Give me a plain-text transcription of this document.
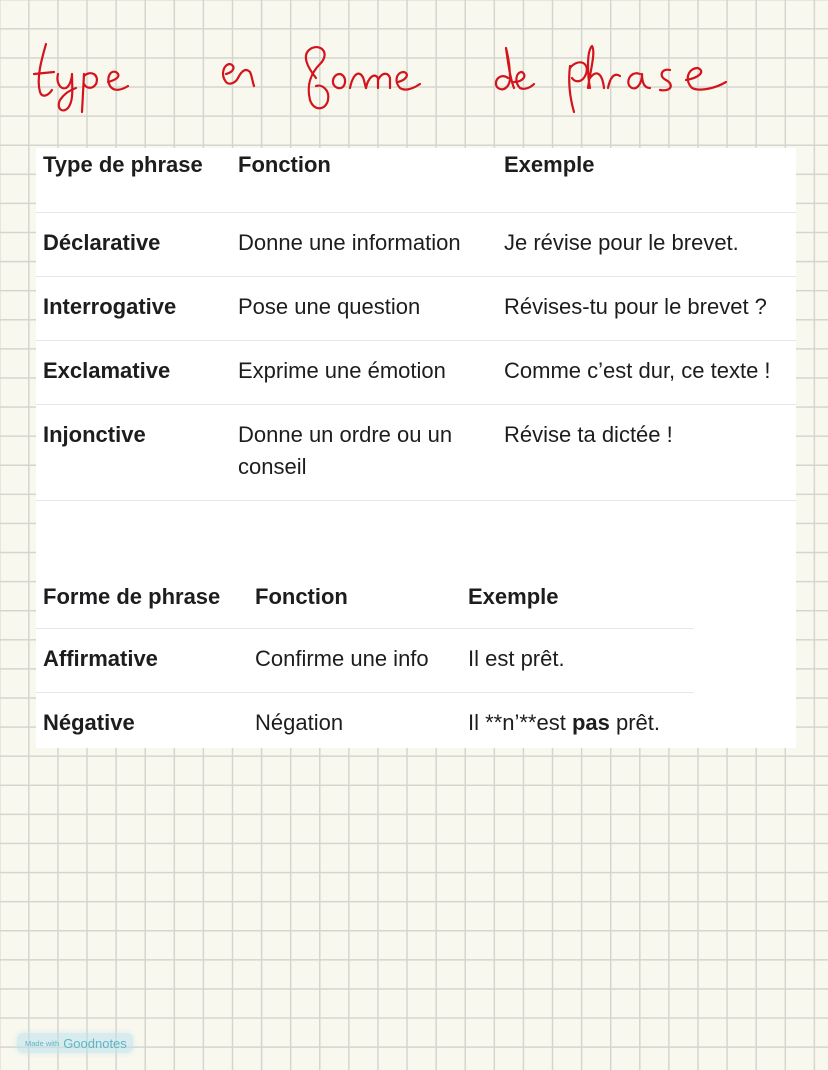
Type de phrase	Fonction	Exemple
Déclarative	Donne une information	Je révise pour le brevet.
Interrogative	Pose une question	Révises-tu pour le brevet ?
Exclamative	Exprime une émotion	Comme c’est dur, ce texte !
Injonctive	Donne un ordre ou un conseil	Révise ta dictée !
Forme de phrase	Fonction	Exemple
Affirmative	Confirme une info	Il est prêt.
Négative	Négation	Il **n’**est pas prêt.
Made with Goodnotes
